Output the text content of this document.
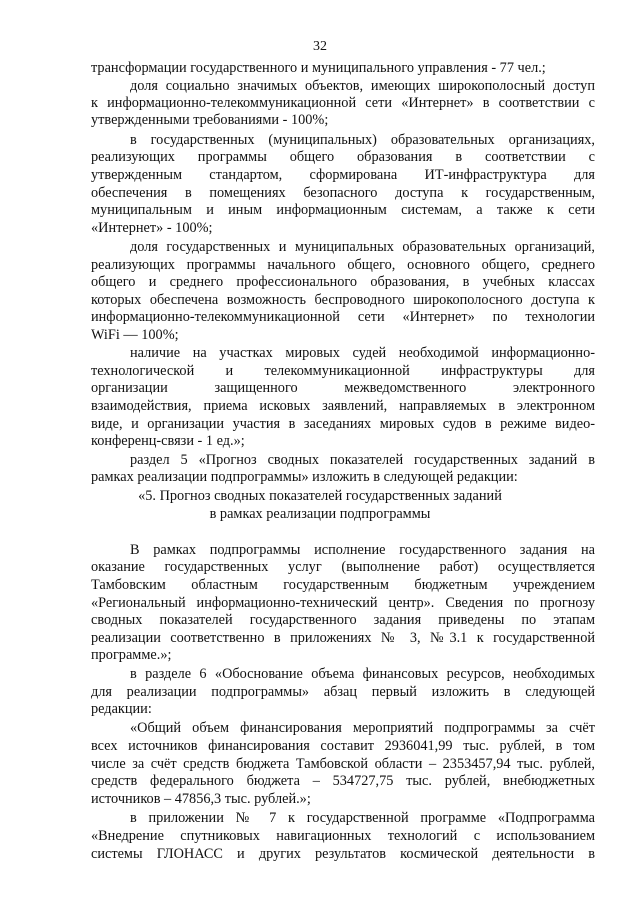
32
трансформации государственного и муниципального управления - 77 чел.;
доля социально значимых объектов, имеющих широкополосный доступ
к информационно-телекоммуникационной сети «Интернет» в соответствии с
утвержденными требованиями - 100%;
в государственных (муниципальных) образовательных организациях,
реализующих программы общего образования в соответствии с
утвержденным стандартом, сформирована ИТ-инфраструктура для
обеспечения в помещениях безопасного доступа к государственным,
муниципальным и иным информационным системам, а также к сети
«Интернет» - 100%;
доля государственных и муниципальных образовательных организаций,
реализующих программы начального общего, основного общего, среднего
общего и среднего профессионального образования, в учебных классах
которых обеспечена возможность беспроводного широкополосного доступа к
информационно-телекоммуникационной сети «Интернет» по технологии
WiFi — 100%;
наличие на участках мировых судей необходимой информационно-
технологической и телекоммуникационной инфраструктуры для
организации защищенного межведомственного электронного
взаимодействия, приема исковых заявлений, направляемых в электронном
виде, и организации участия в заседаниях мировых судов в режиме видео-
конференц-связи - 1 ед.»;
раздел 5 «Прогноз сводных показателей государственных заданий в
рамках реализации подпрограммы» изложить в следующей редакции:
«5. Прогноз сводных показателей государственных заданий
в рамках реализации подпрограммы
В рамках подпрограммы исполнение государственного задания на
оказание государственных услуг (выполнение работ) осуществляется
Тамбовским областным государственным бюджетным учреждением
«Региональный информационно-технический центр». Сведения по прогнозу
сводных показателей государственного задания приведены по этапам
реализации соответственно в приложениях № 3, №3.1 к государственной
программе.»;
в разделе 6 «Обоснование объема финансовых ресурсов, необходимых
для реализации подпрограммы» абзац первый изложить в следующей
редакции:
«Общий объем финансирования мероприятий подпрограммы за счёт
всех источников финансирования составит 2936041,99 тыс. рублей, в том
числе за счёт средств бюджета Тамбовской области – 2353457,94 тыс. рублей,
средств федерального бюджета – 534727,75 тыс. рублей, внебюджетных
источников – 47856,3 тыс. рублей.»;
в приложении № 7 к государственной программе «Подпрограмма
«Внедрение спутниковых навигационных технологий с использованием
системы ГЛОНАСС и других результатов космической деятельности в
